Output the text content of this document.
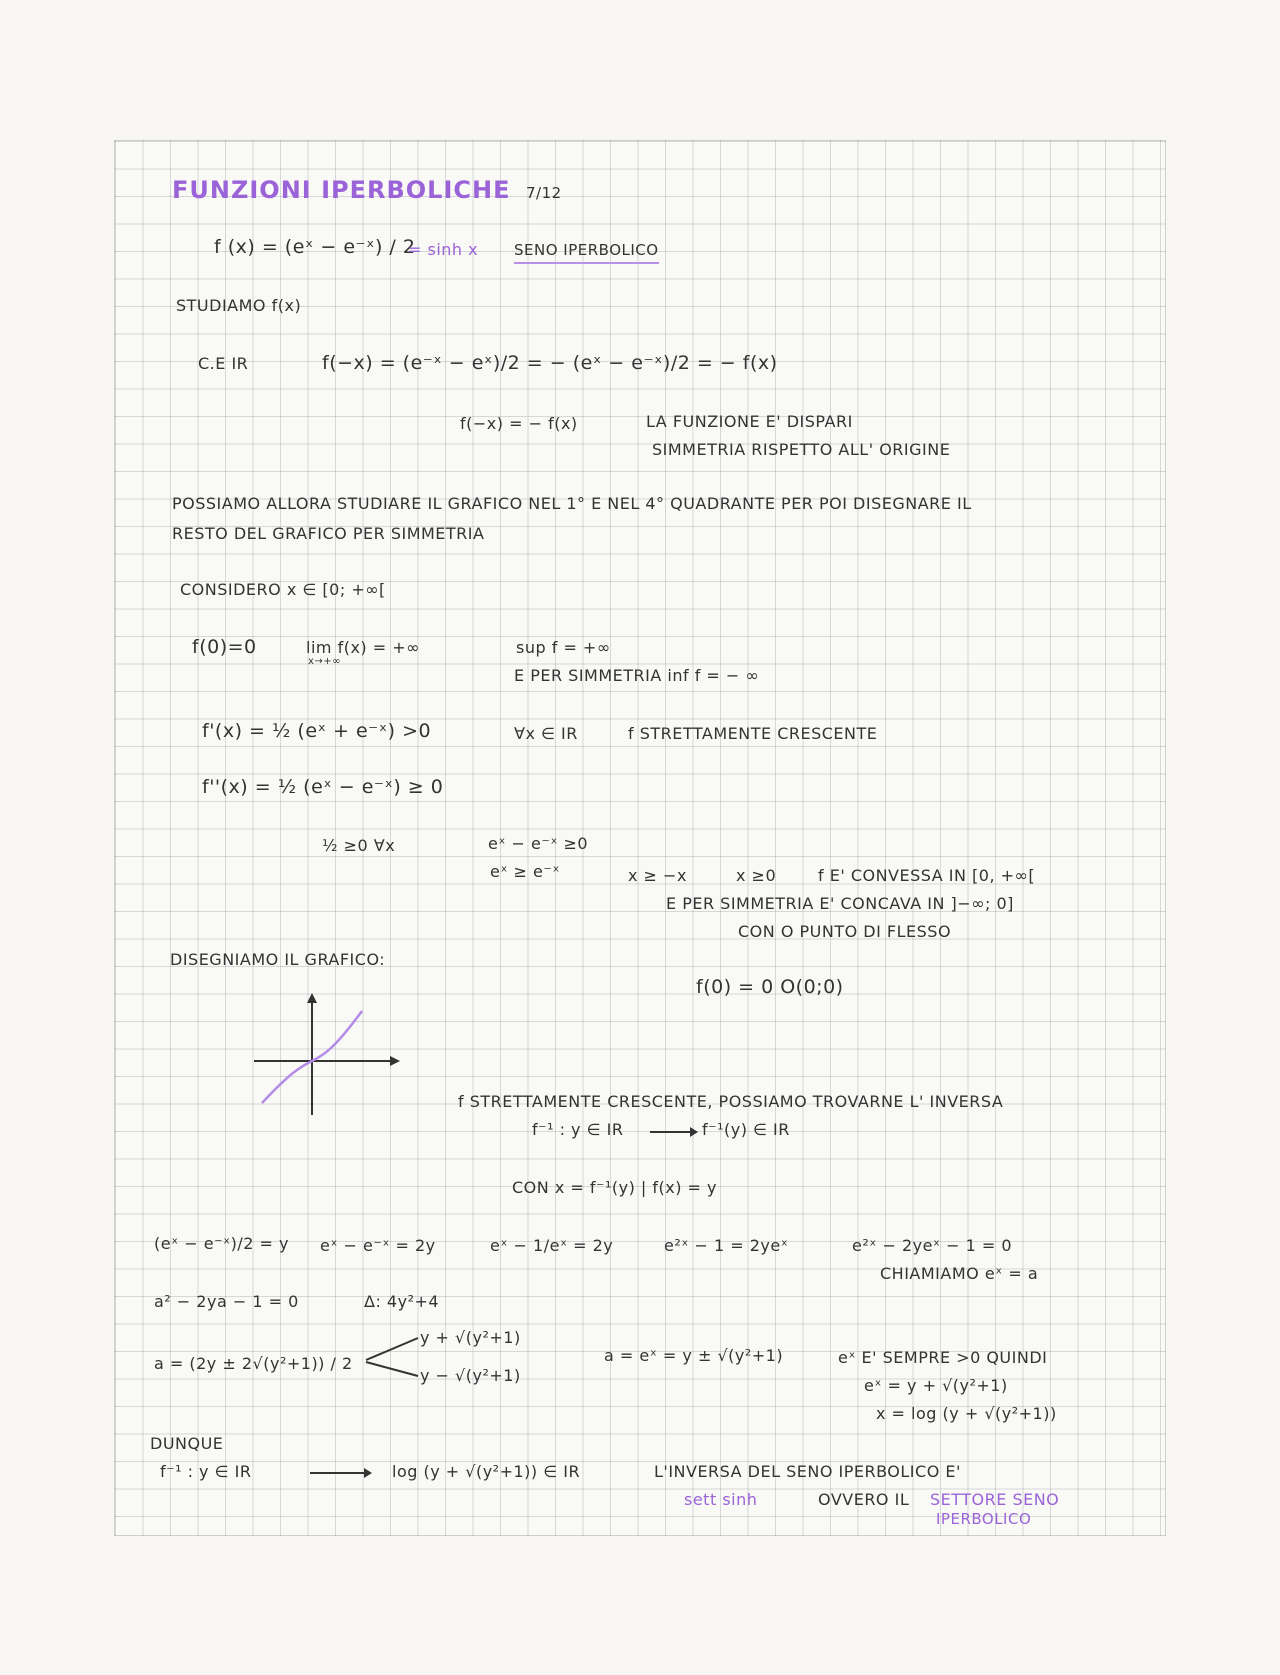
FUNZIONI IPERBOLICHE 7/12
f (x) = (eˣ − e⁻ˣ) / 2
= sinh x SENO IPERBOLICO
STUDIAMO f(x)
C.E IR	f(−x) = (e⁻ˣ − eˣ)/2 = − (eˣ − e⁻ˣ)/2 = − f(x)
f(−x) = − f(x)	LA FUNZIONE E' DISPARI
SIMMETRIA RISPETTO ALL' ORIGINE
POSSIAMO ALLORA STUDIARE IL GRAFICO NEL 1° E NEL 4° QUADRANTE PER POI DISEGNARE IL
RESTO DEL GRAFICO PER SIMMETRIA
CONSIDERO x ∈ [0; +∞[
f(0)=0	lim f(x) = +∞
x→+∞
sup f = +∞
E PER SIMMETRIA inf f = − ∞
f'(x) = ½ (eˣ + e⁻ˣ) >0	∀x ∈ IR	f STRETTAMENTE CRESCENTE
f''(x) = ½ (eˣ − e⁻ˣ) ≥ 0
½ ≥0 ∀x	eˣ − e⁻ˣ ≥0
eˣ ≥ e⁻ˣ	x ≥ −x	x ≥0	f E' CONVESSA IN [0, +∞[
E PER SIMMETRIA E' CONCAVA IN ]−∞; 0]
CON O PUNTO DI FLESSO
DISEGNIAMO IL GRAFICO:
f(0) = 0 O(0;0)
f STRETTAMENTE CRESCENTE, POSSIAMO TROVARNE L' INVERSA
f⁻¹ : y ∈ IR	f⁻¹(y) ∈ IR
CON x = f⁻¹(y) | f(x) = y
(eˣ − e⁻ˣ)/2 = y eˣ − e⁻ˣ = 2y	eˣ − 1/eˣ = 2y	e²ˣ − 1 = 2yeˣ	e²ˣ − 2yeˣ − 1 = 0
CHIAMIAMO eˣ = a
a² − 2ya − 1 = 0	Δ: 4y²+4
a = (2y ± 2√(y²+1)) / 2
y + √(y²+1)
y − √(y²+1)
a = eˣ = y ± √(y²+1)	eˣ E' SEMPRE >0 QUINDI
eˣ = y + √(y²+1)
x = log (y + √(y²+1))
DUNQUE
f⁻¹ : y ∈ IR	log (y + √(y²+1)) ∈ IR	L'INVERSA DEL SENO IPERBOLICO E'
sett sinh	OVVERO IL SETTORE SENO
IPERBOLICO
